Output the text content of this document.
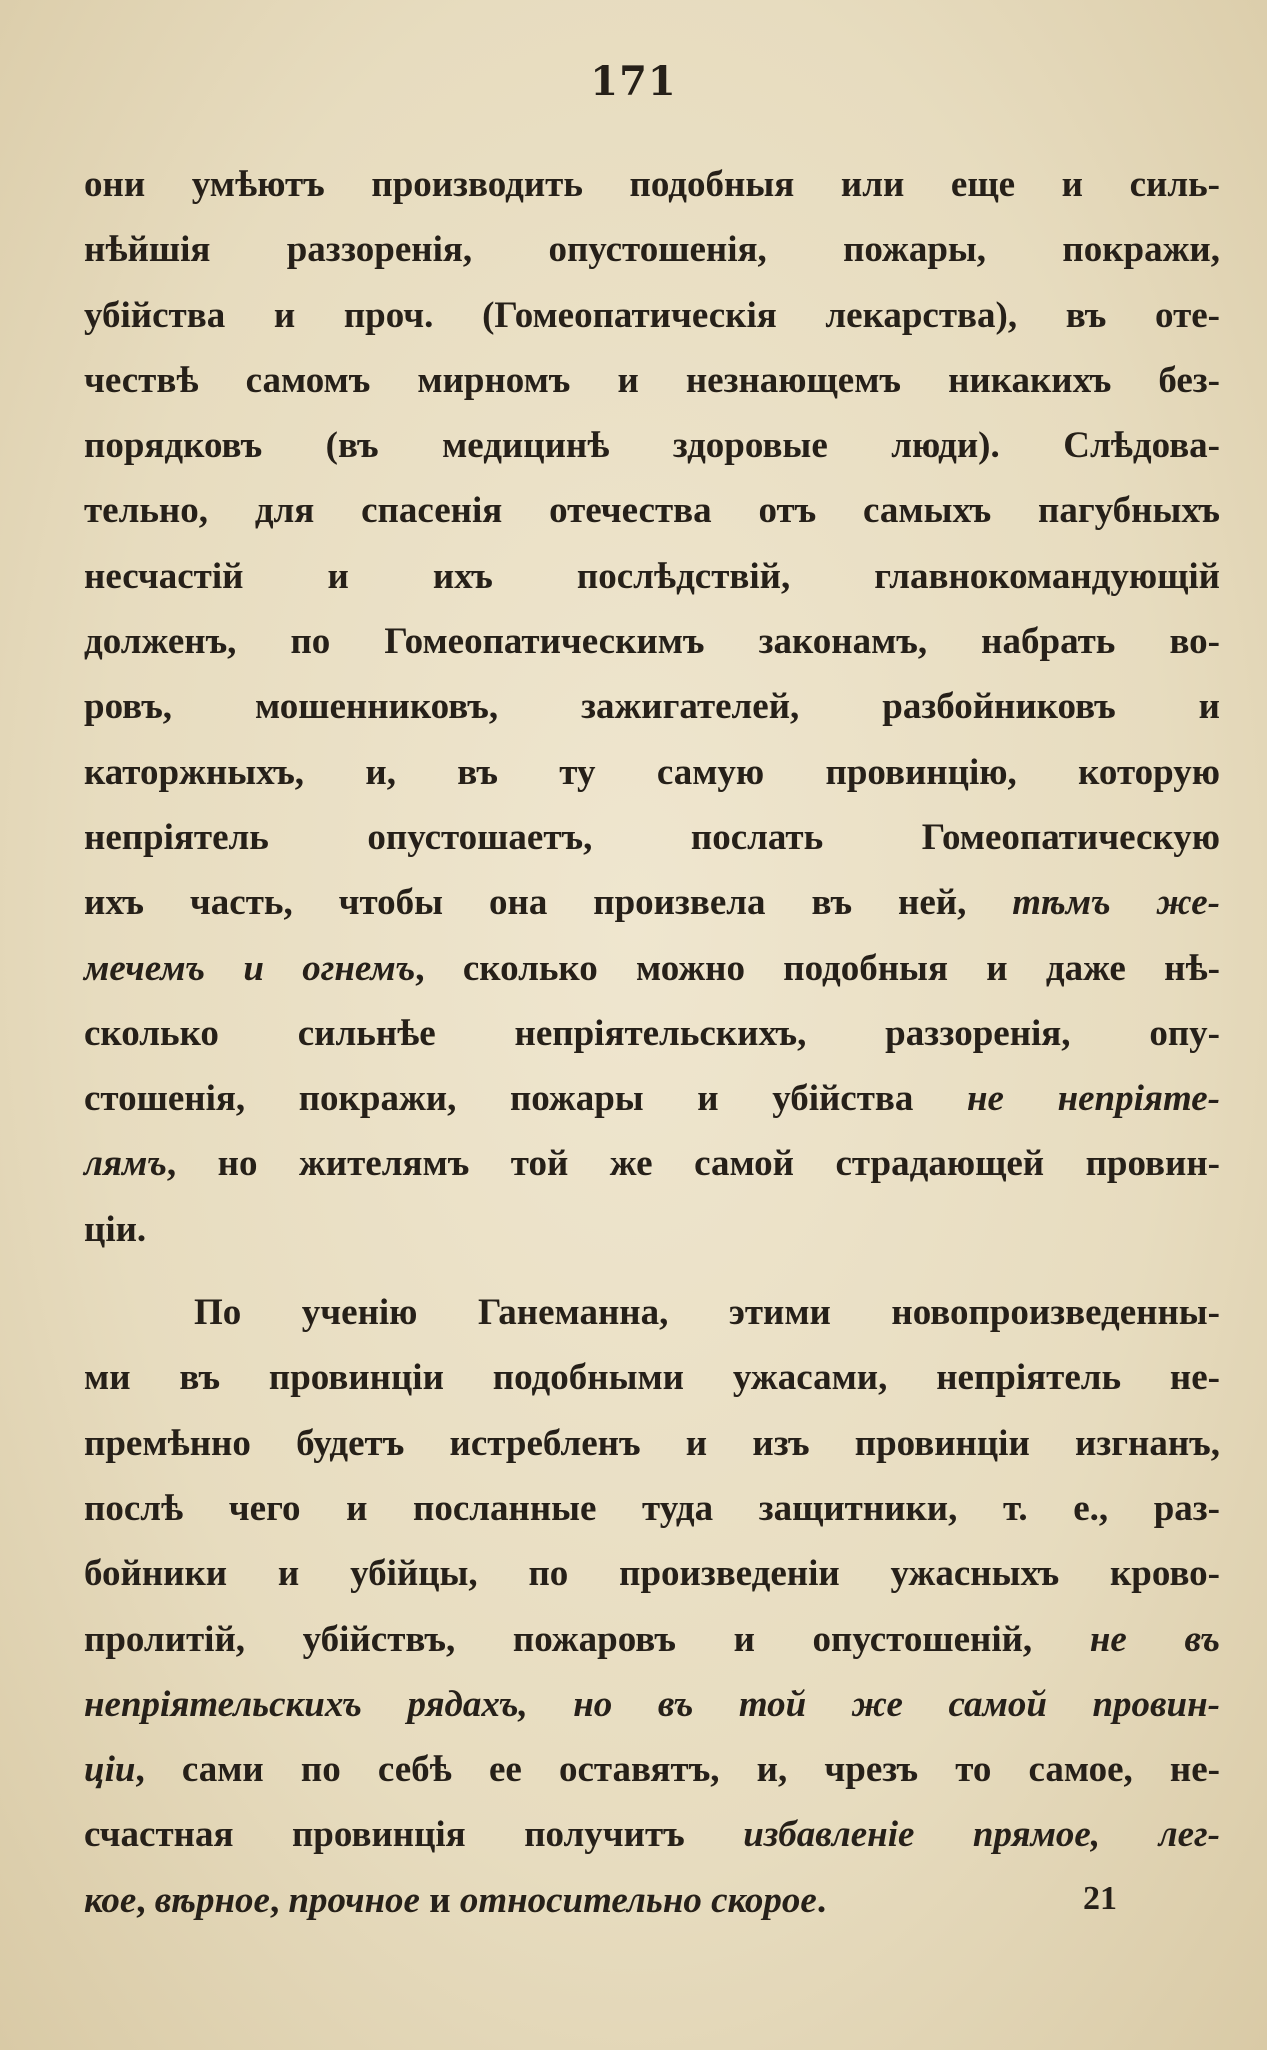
171
они умѣютъ производить подобныя или еще и силь-
нѣйшія раззоренія, опустошенія, пожары, покражи,
убійства и проч. (Гомеопатическія лекарства), въ оте-
чествѣ самомъ мирномъ и незнающемъ никакихъ без-
порядковъ (въ медицинѣ здоровые люди). Слѣдова-
тельно, для спасенія отечества отъ самыхъ пагубныхъ
несчастій и ихъ послѣдствій, главнокомандующій
долженъ, по Гомеопатическимъ законамъ, набрать во-
ровъ, мошенниковъ, зажигателей, разбойниковъ и
каторжныхъ, и, въ ту самую провинцію, которую
непріятель опустошаетъ, послать Гомеопатическую
ихъ часть, чтобы она произвела въ ней, тѣмъ же-
мечемъ и огнемъ, сколько можно подобныя и даже нѣ-
сколько сильнѣе непріятельскихъ, раззоренія, опу-
стошенія, покражи, пожары и убійства не непріяте-
лямъ, но жителямъ той же самой страдающей провин-
ціи.
По ученію Ганеманна, этими новопроизведенны-
ми въ провинціи подобными ужасами, непріятель не-
премѣнно будетъ истребленъ и изъ провинціи изгнанъ,
послѣ чего и посланные туда защитники, т. е., раз-
бойники и убійцы, по произведеніи ужасныхъ крово-
пролитій, убійствъ, пожаровъ и опустошеній, не въ
непріятельскихъ рядахъ, но въ той же самой провин-
ціи, сами по себѣ ее оставятъ, и, чрезъ то самое, не-
счастная провинція получитъ избавленіе прямое, лег-
кое, вѣрное, прочное и относительно скорое.	21
